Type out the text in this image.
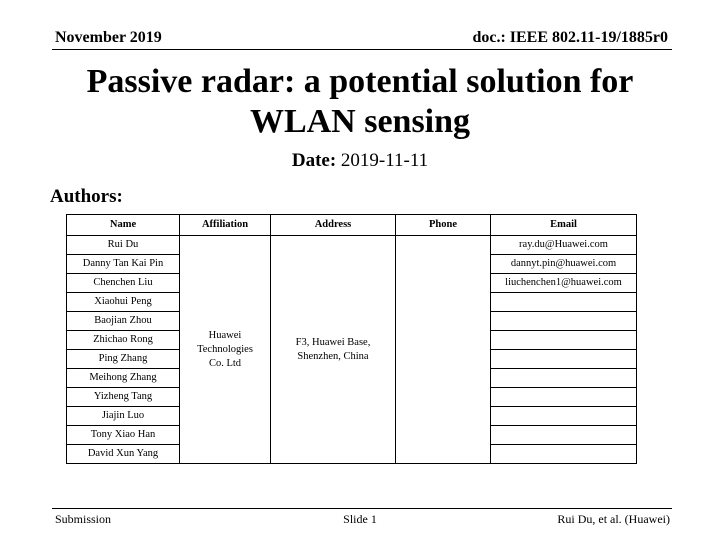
November 2019	doc.: IEEE 802.11-19/1885r0
Passive radar: a potential solution for
WLAN sensing
Date: 2019-11-11
Authors:
Name	Affiliation	Address	Phone	Email
Rui Du	Huawei Technologies Co. Ltd	F3, Huawei Base, Shenzhen, China		ray.du@Huawei.com
Danny Tan Kai Pin				dannyt.pin@huawei.com
Chenchen Liu				liuchenchen1@huawei.com
Xiaohui Peng				
Baojian Zhou				
Zhichao Rong				
Ping Zhang				
Meihong Zhang				
Yizheng Tang				
Jiajin Luo				
Tony Xiao Han				
David Xun Yang				
Submission	Slide 1	Rui Du, et al. (Huawei)
